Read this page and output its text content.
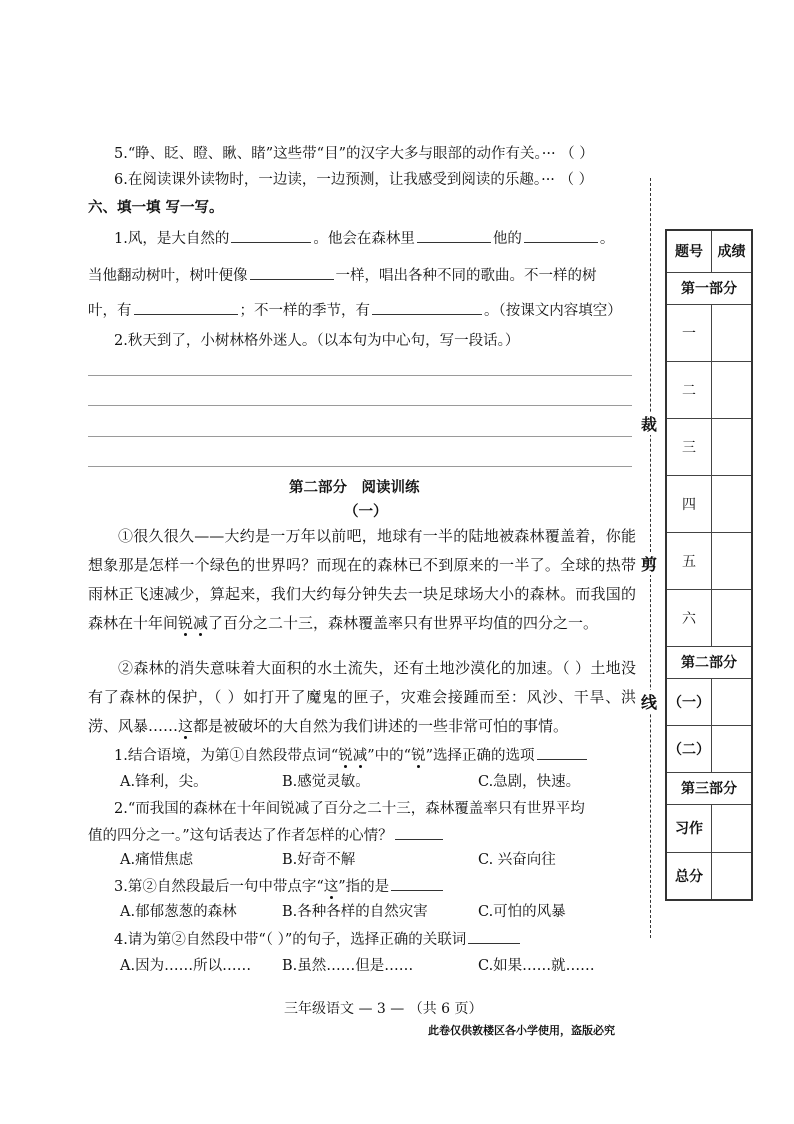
5.“睁、眨、瞪、瞅、睹”这些带“目”的汉字大多与眼部的动作有关。··· （ ）
6.在阅读课外读物时，一边读，一边预测，让我感受到阅读的乐趣。··· （ ）
六、填一填 写一写。
1.风，是大自然的	。他会在森林里	他的	。
当他翻动树叶，树叶便像	一样，唱出各种不同的歌曲。不一样的树
叶，有	；不一样的季节，有	。（按课文内容填空）
2.秋天到了，小树林格外迷人。（以本句为中心句，写一段话。）
第二部分　阅读训练
（一）
①很久很久——大约是一万年以前吧，地球有一半的陆地被森林覆盖着，你能想象那是怎样一个绿色的世界吗？而现在的森林已不到原来的一半了。全球的热带雨林正飞速减少，算起来，我们大约每分钟失去一块足球场大小的森林。而我国的森林在十年间锐减了百分之二十三，森林覆盖率只有世界平均值的四分之一。
②森林的消失意味着大面积的水土流失，还有土地沙漠化的加速。（ ）土地没有了森林的保护，（ ）如打开了魔鬼的匣子，灾难会接踵而至：风沙、干旱、洪涝、风暴……这都是被破坏的大自然为我们讲述的一些非常可怕的事情。
1.结合语境，为第①自然段带点词“锐减”中的“锐”选择正确的选项
A.锋利，尖。	B.感觉灵敏。	C.急剧，快速。
2.“而我国的森林在十年间锐减了百分之二十三，森林覆盖率只有世界平均
值的四分之一。”这句话表达了作者怎样的心情？
A.痛惜焦虑	B.好奇不解	C. 兴奋向往
3.第②自然段最后一句中带点字“这”指的是
A.郁郁葱葱的森林	B.各种各样的自然灾害	C.可怕的风暴
4.请为第②自然段中带“（ ）”的句子，选择正确的关联词
A.因为……所以…… B.虽然……但是……	C.如果……就……
三年级语文 — 3 — （共 6 页）
此卷仅供敦楼区各小学使用，盗版必究
裁
剪
线
题号	成绩
第一部分	
一	
二	
三	
四	
五	
六	
第二部分	
（一）	
（二）	
第三部分	
习作	
总分	
